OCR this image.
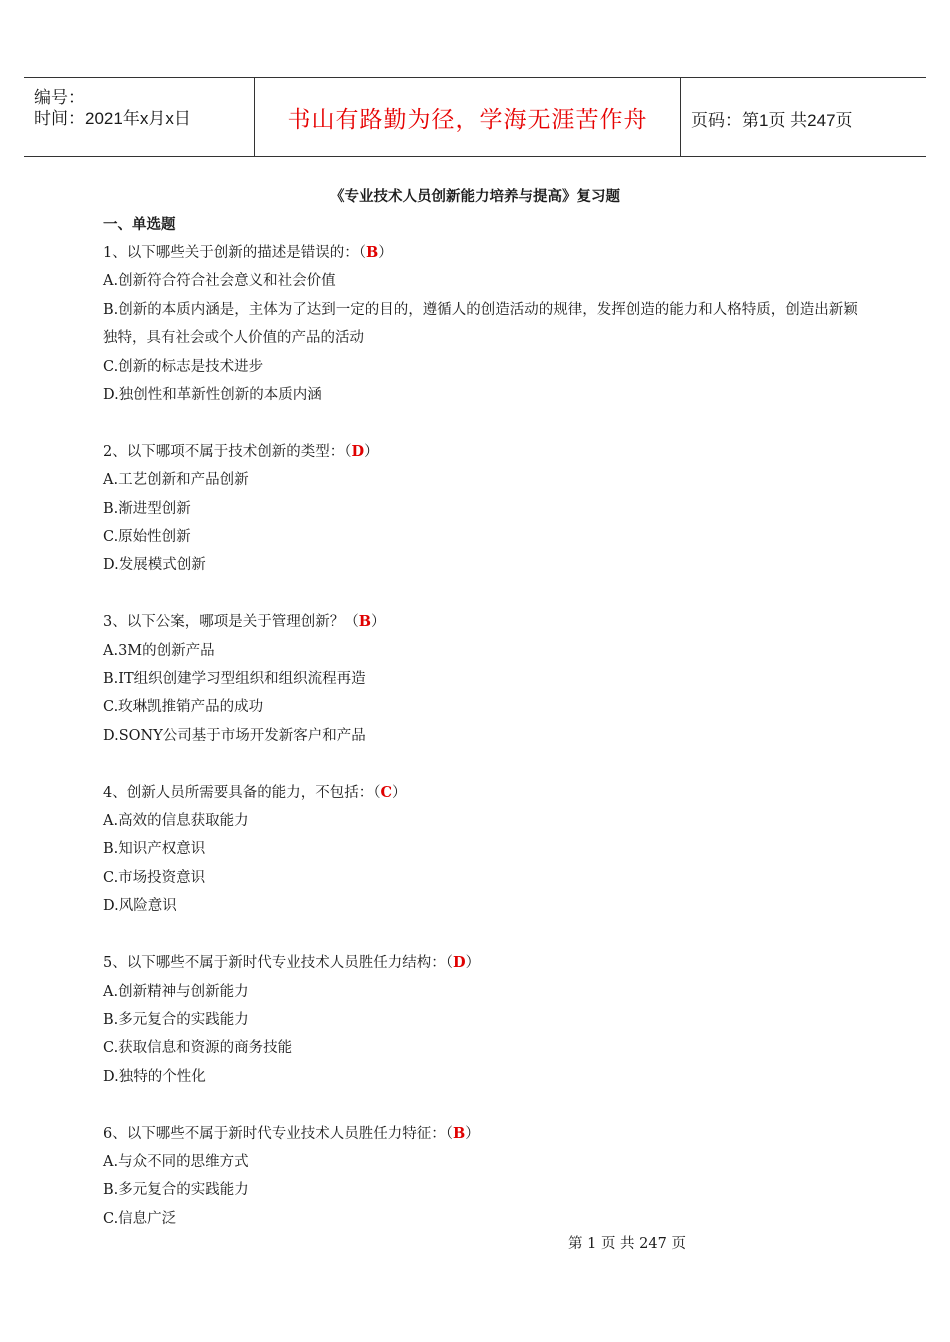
编号：
时间：2021年x月x日	书山有路勤为径，学海无涯苦作舟	页码：第1页 共247页
《专业技术人员创新能力培养与提高》复习题
一、单选题
1、以下哪些关于创新的描述是错误的：（B）
A.创新符合符合社会意义和社会价值
B.创新的本质内涵是，主体为了达到一定的目的，遵循人的创造活动的规律，发挥创造的能力和人格特质，创造出新颖独特，具有社会或个人价值的产品的活动
C.创新的标志是技术进步
D.独创性和革新性创新的本质内涵
2、以下哪项不属于技术创新的类型：（D）
A.工艺创新和产品创新
B.渐进型创新
C.原始性创新
D.发展模式创新
3、以下公案，哪项是关于管理创新？（B）
A.3M的创新产品
B.IT组织创建学习型组织和组织流程再造
C.玫琳凯推销产品的成功
D.SONY公司基于市场开发新客户和产品
4、创新人员所需要具备的能力，不包括：（C）
A.高效的信息获取能力
B.知识产权意识
C.市场投资意识
D.风险意识
5、以下哪些不属于新时代专业技术人员胜任力结构：（D）
A.创新精神与创新能力
B.多元复合的实践能力
C.获取信息和资源的商务技能
D.独特的个性化
6、以下哪些不属于新时代专业技术人员胜任力特征：（B）
A.与众不同的思维方式
B.多元复合的实践能力
C.信息广泛
第 1 页 共 247 页
